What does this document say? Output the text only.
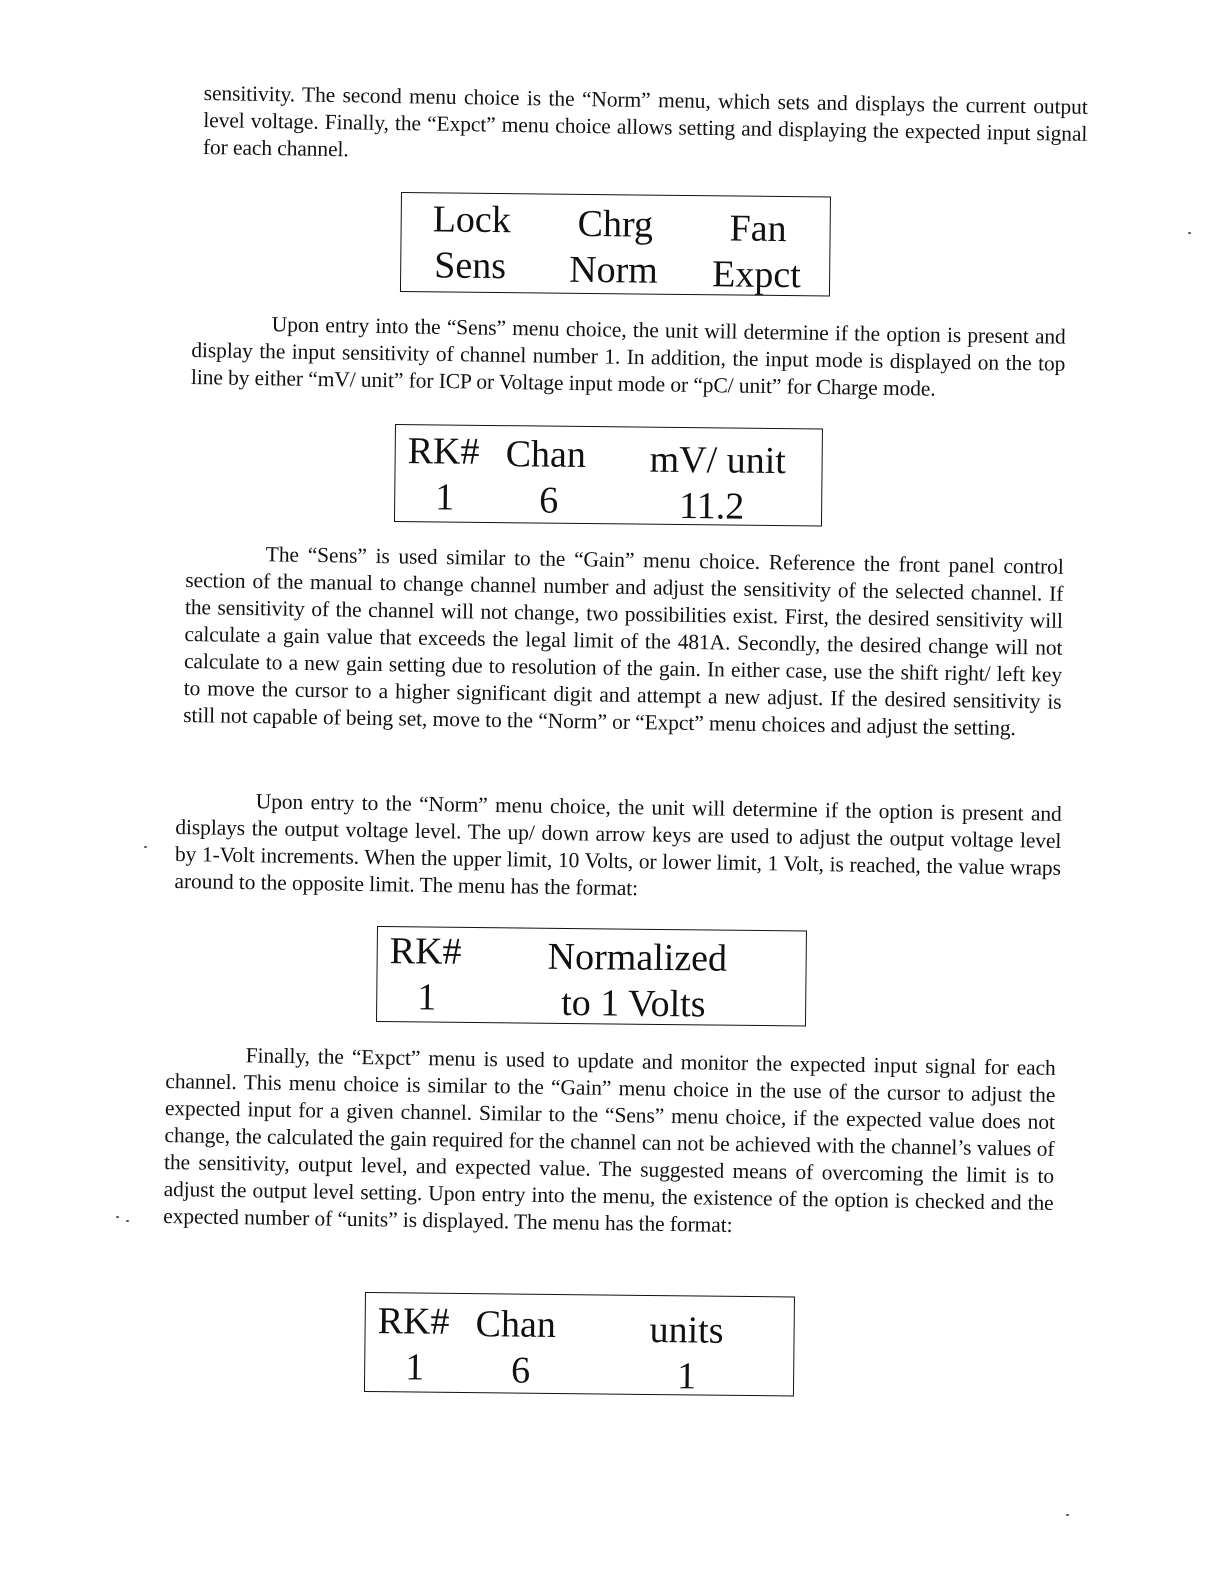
sensitivity. The second menu choice is the “Norm” menu, which sets and displays the current output level voltage. Finally, the “Expct” menu choice allows setting and displaying the expected input signal for each channel.
Lock Chrg Fan
Sens Norm Expct
Upon entry into the “Sens” menu choice, the unit will determine if the option is present and display the input sensitivity of channel number 1. In addition, the input mode is displayed on the top line by either “mV/ unit” for ICP or Voltage input mode or “pC/ unit” for Charge mode.
RK# Chan mV/ unit
1 6	11.2
The “Sens” is used similar to the “Gain” menu choice. Reference the front panel control section of the manual to change channel number and adjust the sensitivity of the selected channel. If the sensitivity of the channel will not change, two possibilities exist. First, the desired sensitivity will calculate a gain value that exceeds the legal limit of the 481A. Secondly, the desired change will not calculate to a new gain setting due to resolution of the gain. In either case, use the shift right/ left key to move the cursor to a higher significant digit and attempt a new adjust. If the desired sensitivity is still not capable of being set, move to the “Norm” or “Expct” menu choices and adjust the setting.
Upon entry to the “Norm” menu choice, the unit will determine if the option is present and displays the output voltage level. The up/ down arrow keys are used to adjust the output voltage level by 1-Volt increments. When the upper limit, 10 Volts, or lower limit, 1 Volt, is reached, the value wraps around to the opposite limit. The menu has the format:
RK# Normalized
1	to 1 Volts
Finally, the “Expct” menu is used to update and monitor the expected input signal for each channel. This menu choice is similar to the “Gain” menu choice in the use of the cursor to adjust the expected input for a given channel. Similar to the “Sens” menu choice, if the expected value does not change, the calculated the gain required for the channel can not be achieved with the channel’s values of the sensitivity, output level, and expected value. The suggested means of overcoming the limit is to adjust the output level setting. Upon entry into the menu, the existence of the option is checked and the expected number of “units” is displayed. The menu has the format:
RK# Chan units
1 6	1
